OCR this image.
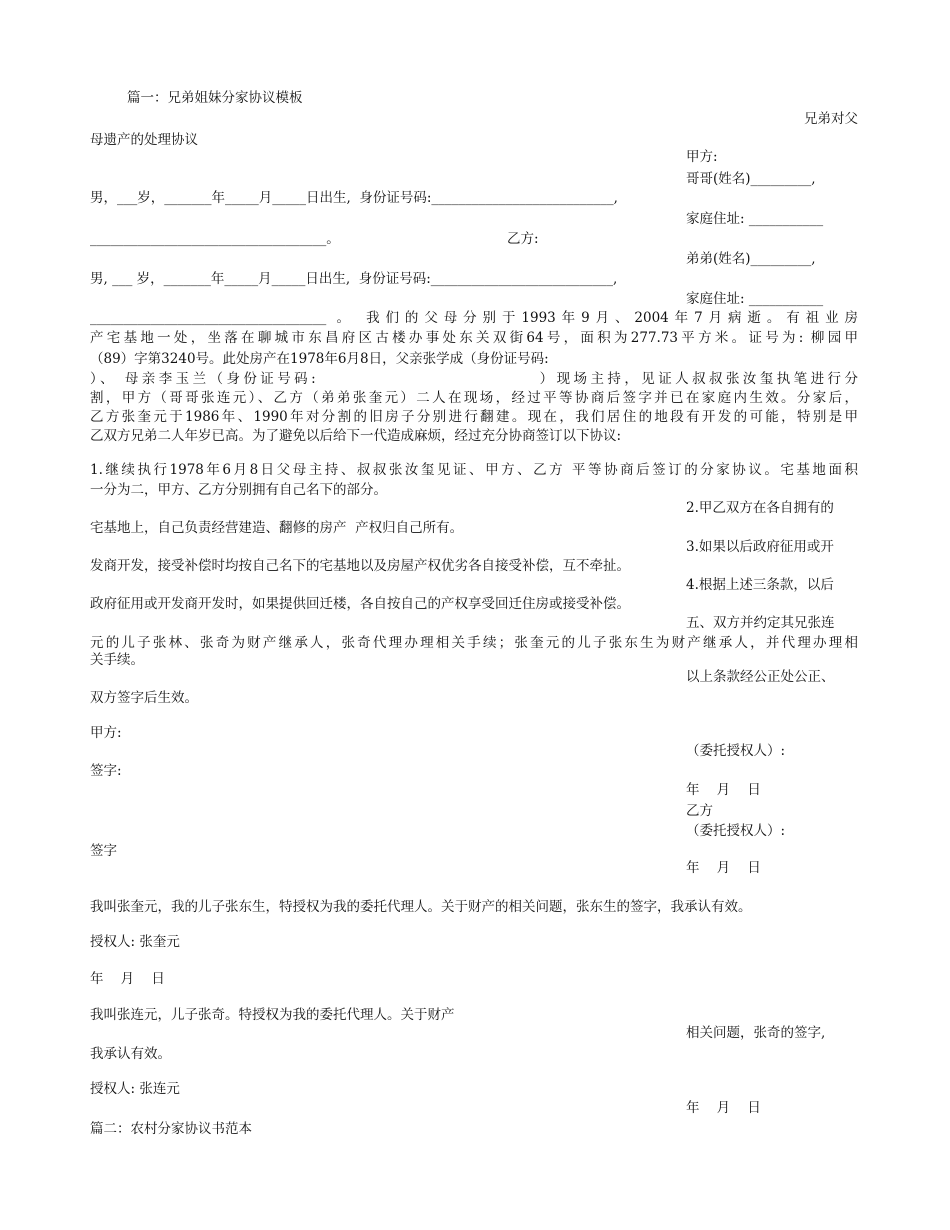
篇一：兄弟姐妹分家协议模板
兄弟对父
母遗产的处理协议
甲方:
哥哥(姓名)_________,
男，___岁，_______年_____月_____日出生,  身份证号码:___________________________,
家庭住址: ___________
___________________________________。	乙方:
弟弟(姓名)_________,
男, ___ 岁，_______年_____月_____日出生,  身份证号码:___________________________,
家庭住址: ___________
___________________________________ 。 我们的父母分别于1993年9月、2004年7月病逝。有祖业房
产宅基地一处，坐落在聊城市东昌府区古楼办事处东关双街64号，面积为277.73平方米。证号为: 柳园甲
（89）字第3240号。此处房产在1978年6月8日，父亲张学成（身份证号码:
）、 母亲李玉兰（身份证号码:                             ）现场主持，见证人叔叔张汝玺执笔进行分
割，甲方（哥哥张连元）、乙方（弟弟张奎元）二人在现场，经过平等协商后签字并已在家庭内生效。分家后，
乙方张奎元于1986年、1990年对分割的旧房子分别进行翻建。现在，我们居住的地段有开发的可能，特别是甲
乙双方兄弟二人年岁已高。为了避免以后给下一代造成麻烦，经过充分协商签订以下协议:
1.继续执行1978年6月8日父母主持、叔叔张汝玺见证、甲方、乙方 平等协商后签订的分家协议。宅基地面积
一分为二，甲方、乙方分别拥有自己名下的部分。
2.甲乙双方在各自拥有的
宅基地上，自己负责经营建造、翻修的房产  产权归自己所有。
3.如果以后政府征用或开
发商开发，接受补偿时均按自己名下的宅基地以及房屋产权优劣各自接受补偿，互不牵扯。
4.根据上述三条款，以后
政府征用或开发商开发时，如果提供回迁楼，各自按自己的产权享受回迁住房或接受补偿。
五、双方并约定其兄张连
元的儿子张林、张奇为财产继承人，张奇代理办理相关手续；张奎元的儿子张东生为财产继承人，并代理办理相
关手续。
以上条款经公正处公正、
双方签字后生效。
甲方:
（委托授权人）:
签字:
年    月    日
乙方
（委托授权人）:
签字
年    月    日
我叫张奎元，我的儿子张东生，特授权为我的委托代理人。关于财产的相关问题，张东生的签字，我承认有效。
授权人: 张奎元
年    月    日
我叫张连元，儿子张奇。特授权为我的委托代理人。关于财产
相关问题，张奇的签字,
我承认有效。
授权人: 张连元
年    月    日
篇二：农村分家协议书范本
